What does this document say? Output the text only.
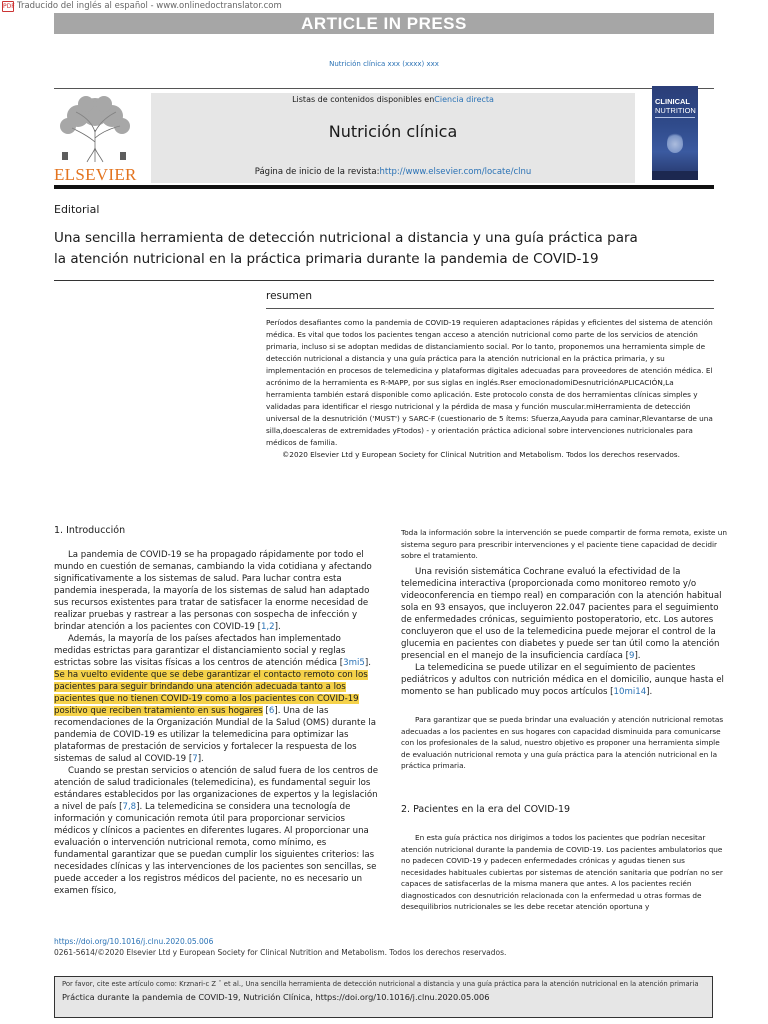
PDF Traducido del inglés al español - www.onlinedoctranslator.com
ARTICLE IN PRESS
Nutrición clínica xxx (xxxx) xxx
ELSEVIER
Listas de contenidos disponibles enCiencia directa
Nutrición clínica
Página de inicio de la revista:http://www.elsevier.com/locate/clnu
CLINICAL
NUTRITION
Editorial
Una sencilla herramienta de detección nutricional a distancia y una guía práctica para la atención nutricional en la práctica primaria durante la pandemia de COVID-19
resumen
Períodos desafiantes como la pandemia de COVID-19 requieren adaptaciones rápidas y eficientes del sistema de atención médica. Es vital que todos los pacientes tengan acceso a atención nutricional como parte de los servicios de atención primaria, incluso si se adoptan medidas de distanciamiento social. Por lo tanto, proponemos una herramienta simple de detección nutricional a distancia y una guía práctica para la atención nutricional en la práctica primaria, y su implementación en procesos de telemedicina y plataformas digitales adecuadas para proveedores de atención médica. El acrónimo de la herramienta es R-MAPP, por sus siglas en inglés.Rser emocionadomiDesnutriciónAPLICACIÓN,La herramienta también estará disponible como aplicación. Este protocolo consta de dos herramientas clínicas simples y validadas para identificar el riesgo nutricional y la pérdida de masa y función muscular.miHerramienta de detección universal de la desnutrición ('MUST') y SARC-F (cuestionario de 5 ítems: Sfuerza,Aayuda para caminar,Rlevantarse de una silla,doescaleras de extremidades yFtodos) - y orientación práctica adicional sobre intervenciones nutricionales para médicos de familia.
©2020 Elsevier Ltd y European Society for Clinical Nutrition and Metabolism. Todos los derechos reservados.
1. Introducción

La pandemia de COVID-19 se ha propagado rápidamente por todo el mundo en cuestión de semanas, cambiando la vida cotidiana y afectando significativamente a los sistemas de salud. Para luchar contra esta pandemia inesperada, la mayoría de los sistemas de salud han adaptado sus recursos existentes para tratar de satisfacer la enorme necesidad de realizar pruebas y rastrear a las personas con sospecha de infección y brindar atención a los pacientes con COVID-19 [1,2].

Además, la mayoría de los países afectados han implementado medidas estrictas para garantizar el distanciamiento social y reglas estrictas sobre las visitas físicas a los centros de atención médica [3mi5]. Se ha vuelto evidente que se debe garantizar el contacto remoto con los pacientes para seguir brindando una atención adecuada tanto a los pacientes que no tienen COVID-19 como a los pacientes con COVID-19 positivo que reciben tratamiento en sus hogares [6]. Una de las recomendaciones de la Organización Mundial de la Salud (OMS) durante la pandemia de COVID-19 es utilizar la telemedicina para optimizar las plataformas de prestación de servicios y fortalecer la respuesta de los sistemas de salud al COVID-19 [7].

Cuando se prestan servicios o atención de salud fuera de los centros de atención de salud tradicionales (telemedicina), es fundamental seguir los estándares establecidos por las organizaciones de expertos y la legislación a nivel de país [7,8]. La telemedicina se considera una tecnología de información y comunicación remota útil para proporcionar servicios médicos y clínicos a pacientes en diferentes lugares. Al proporcionar una evaluación o intervención nutricional remota, como mínimo, es fundamental garantizar que se puedan cumplir los siguientes criterios: las necesidades clínicas y las intervenciones de los pacientes son sencillas, se puede acceder a los registros médicos del paciente, no es necesario un examen físico,

Toda la información sobre la intervención se puede compartir de forma remota, existe un sistema seguro para prescribir intervenciones y el paciente tiene capacidad de decidir sobre el tratamiento.

Una revisión sistemática Cochrane evaluó la efectividad de la telemedicina interactiva (proporcionada como monitoreo remoto y/o videoconferencia en tiempo real) en comparación con la atención habitual sola en 93 ensayos, que incluyeron 22.047 pacientes para el seguimiento de enfermedades crónicas, seguimiento postoperatorio, etc. Los autores concluyeron que el uso de la telemedicina puede mejorar el control de la glucemia en pacientes con diabetes y puede ser tan útil como la atención presencial en el manejo de la insuficiencia cardíaca [9].

La telemedicina se puede utilizar en el seguimiento de pacientes pediátricos y adultos con nutrición médica en el domicilio, aunque hasta el momento se han publicado muy pocos artículos [10mi14].

Para garantizar que se pueda brindar una evaluación y atención nutricional remotas adecuadas a los pacientes en sus hogares con capacidad disminuida para comunicarse con los profesionales de la salud, nuestro objetivo es proponer una herramienta simple de evaluación nutricional remota y una guía práctica para la atención nutricional en la práctica primaria.

2. Pacientes en la era del COVID-19

En esta guía práctica nos dirigimos a todos los pacientes que podrían necesitar atención nutricional durante la pandemia de COVID-19. Los pacientes ambulatorios que no padecen COVID-19 y padecen enfermedades crónicas y agudas tienen sus necesidades habituales cubiertas por sistemas de atención sanitaria que podrían no ser capaces de satisfacerlas de la misma manera que antes. A los pacientes recién diagnosticados con desnutrición relacionada con la enfermedad u otras formas de desequilibrios nutricionales se les debe recetar atención oportuna y

https://doi.org/10.1016/j.clnu.2020.05.006
0261-5614/©2020 Elsevier Ltd y European Society for Clinical Nutrition and Metabolism. Todos los derechos reservados.
Por favor, cite este artículo como: Krznari-c Z ˇ et al., Una sencilla herramienta de detección nutricional a distancia y una guía práctica para la atención nutricional en la atención primaria
Práctica durante la pandemia de COVID-19, Nutrición Clínica, https://doi.org/10.1016/j.clnu.2020.05.006
